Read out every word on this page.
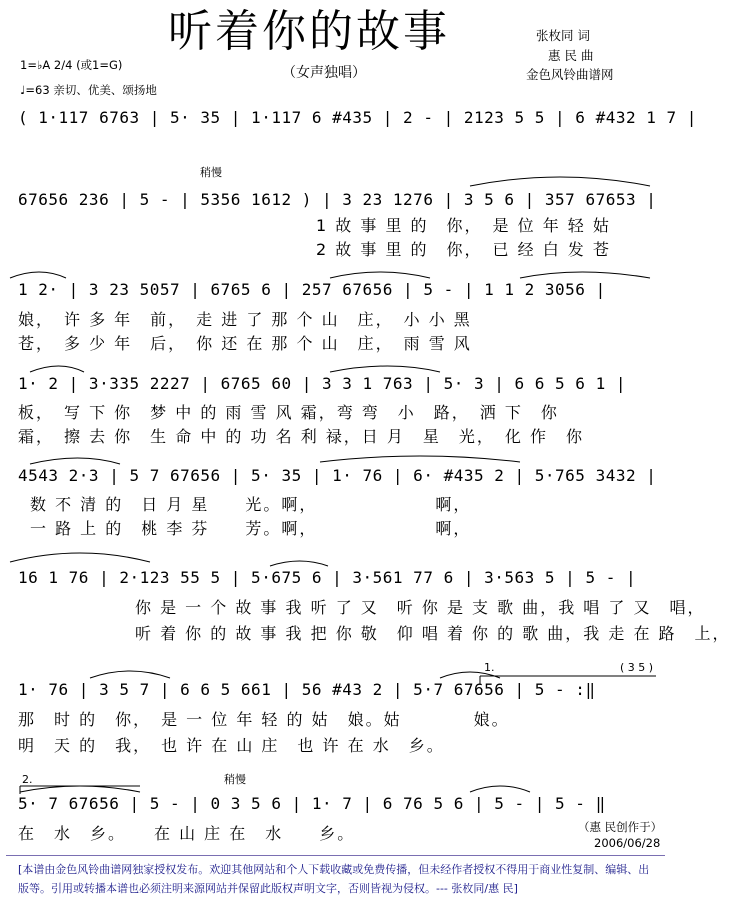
听着你的故事
（女声独唱）
张枚同 词
惠 民 曲
金色风铃曲谱网
1=♭A 2/4 (或1=G)
♩=63 亲切、优美、颂扬地
( 1·117 6763 | 5· 35 | 1·117 6 #435 | 2 - | 2123 5 5 | 6 #432 1 7 |
稍慢
67656 236 | 5 - | 5356 1612 ) | 3 23 1276 | 3 5 6 | 357 67653 |
1 故 事 里 的　你，　是 位 年 轻 姑
2 故 事 里 的　你，　已 经 白 发 苍
1 2· | 3 23 5057 | 6765 6 | 257 67656 | 5 - | 1 1 2 3056 |
娘，　许 多 年　前，　走 进 了 那 个 山　庄，　小 小 黑
苍，　多 少 年　后，　你 还 在 那 个 山　庄，　雨 雪 风
1· 2 | 3·335 2227 | 6765 60 | 3 3 1 763 | 5· 3 | 6 6 5 6 1 |
板，　写 下 你　梦 中 的 雨 雪 风 霜，弯 弯　小　路，　洒 下　你
霜，　擦 去 你　生 命 中 的 功 名 利 禄，日 月　星　光，　化 作　你
4543 2·3 | 5 7 67656 | 5· 35 | 1· 76 | 6· #435 2 | 5·765 3432 |
数 不 清 的　日 月 星　　光。啊，　　　　　　　啊，
一 路 上 的　桃 李 芬　　芳。啊，　　　　　　　啊，
16 1 76 | 2·123 55 5 | 5·675 6 | 3·561 77 6 | 3·563 5 | 5 - |
你 是 一 个 故 事 我 听 了 又　听 你 是 支 歌 曲，我 唱 了 又　唱，
听 着 你 的 故 事 我 把 你 敬　仰 唱 着 你 的 歌 曲，我 走 在 路　上，
1.	( 3 5 )
1· 76 | 3 5 7 | 6 6 5 661 | 56 #43 2 | 5·7 67656 | 5 - :‖
那　时 的　你，　是 一 位 年 轻 的 姑　娘。姑　　　　娘。
明　天 的　我，　也 许 在 山 庄　也 许 在 水　乡。
2.	稍慢
5· 7 67656 | 5 - | 0 3 5 6 | 1· 7 | 6 76 5 6 | 5 - | 5 - ‖
在　水　乡。　　在 山 庄 在　水　　乡。	（惠 民创作于）
2006/06/28
[本谱由金色风铃曲谱网独家授权发布。欢迎其他网站和个人下载收藏或免费传播，但未经作者授权不得用于商业性复制、编辑、出版等。引用或转播本谱也必须注明来源网站并保留此版权声明文字，否则皆视为侵权。--- 张枚同/惠 民]
